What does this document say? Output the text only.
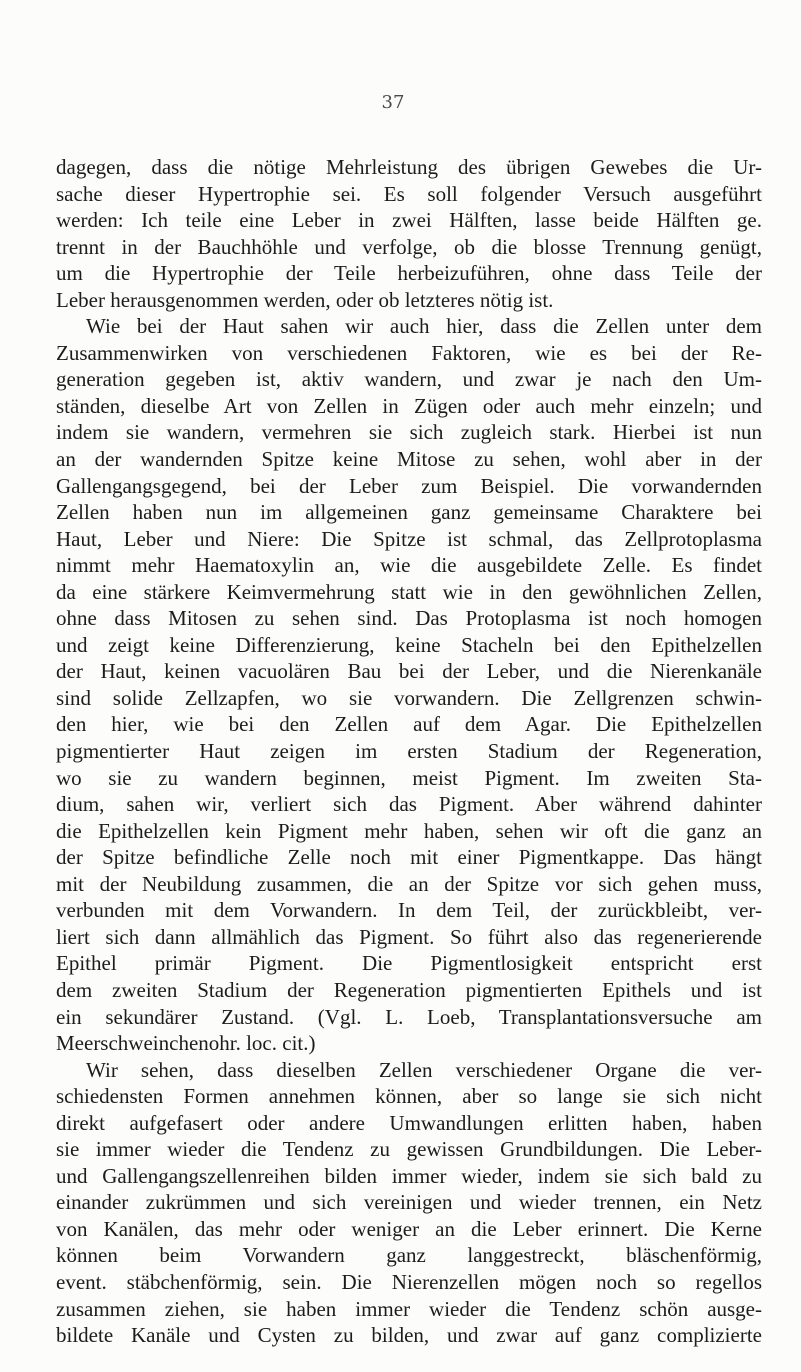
37
dagegen, dass die nötige Mehrleistung des übrigen Gewebes die Ur-
sache dieser Hypertrophie sei. Es soll folgender Versuch ausgeführt
werden: Ich teile eine Leber in zwei Hälften, lasse beide Hälften ge.
trennt in der Bauchhöhle und verfolge, ob die blosse Trennung genügt,
um die Hypertrophie der Teile herbeizuführen, ohne dass Teile der
Leber herausgenommen werden, oder ob letzteres nötig ist.
Wie bei der Haut sahen wir auch hier, dass die Zellen unter dem
Zusammenwirken von verschiedenen Faktoren, wie es bei der Re-
generation gegeben ist, aktiv wandern, und zwar je nach den Um-
ständen, dieselbe Art von Zellen in Zügen oder auch mehr einzeln; und
indem sie wandern, vermehren sie sich zugleich stark. Hierbei ist nun
an der wandernden Spitze keine Mitose zu sehen, wohl aber in der
Gallengangsgegend, bei der Leber zum Beispiel. Die vorwandernden
Zellen haben nun im allgemeinen ganz gemeinsame Charaktere bei
Haut, Leber und Niere: Die Spitze ist schmal, das Zellprotoplasma
nimmt mehr Haematoxylin an, wie die ausgebildete Zelle. Es findet
da eine stärkere Keimvermehrung statt wie in den gewöhnlichen Zellen,
ohne dass Mitosen zu sehen sind. Das Protoplasma ist noch homogen
und zeigt keine Differenzierung, keine Stacheln bei den Epithelzellen
der Haut, keinen vacuolären Bau bei der Leber, und die Nierenkanäle
sind solide Zellzapfen, wo sie vorwandern. Die Zellgrenzen schwin-
den hier, wie bei den Zellen auf dem Agar. Die Epithelzellen
pigmentierter Haut zeigen im ersten Stadium der Regeneration,
wo sie zu wandern beginnen, meist Pigment. Im zweiten Sta-
dium, sahen wir, verliert sich das Pigment. Aber während dahinter
die Epithelzellen kein Pigment mehr haben, sehen wir oft die ganz an
der Spitze befindliche Zelle noch mit einer Pigmentkappe. Das hängt
mit der Neubildung zusammen, die an der Spitze vor sich gehen muss,
verbunden mit dem Vorwandern. In dem Teil, der zurückbleibt, ver-
liert sich dann allmählich das Pigment. So führt also das regenerierende
Epithel primär Pigment. Die Pigmentlosigkeit entspricht erst
dem zweiten Stadium der Regeneration pigmentierten Epithels und ist
ein sekundärer Zustand. (Vgl. L. Loeb, Transplantationsversuche am
Meerschweinchenohr. loc. cit.)
Wir sehen, dass dieselben Zellen verschiedener Organe die ver-
schiedensten Formen annehmen können, aber so lange sie sich nicht
direkt aufgefasert oder andere Umwandlungen erlitten haben, haben
sie immer wieder die Tendenz zu gewissen Grundbildungen. Die Leber-
und Gallengangszellenreihen bilden immer wieder, indem sie sich bald zu
einander zukrümmen und sich vereinigen und wieder trennen, ein Netz
von Kanälen, das mehr oder weniger an die Leber erinnert. Die Kerne
können beim Vorwandern ganz langgestreckt, bläschenförmig,
event. stäbchenförmig, sein. Die Nierenzellen mögen noch so regellos
zusammen ziehen, sie haben immer wieder die Tendenz schön ausge-
bildete Kanäle und Cysten zu bilden, und zwar auf ganz complizierte
